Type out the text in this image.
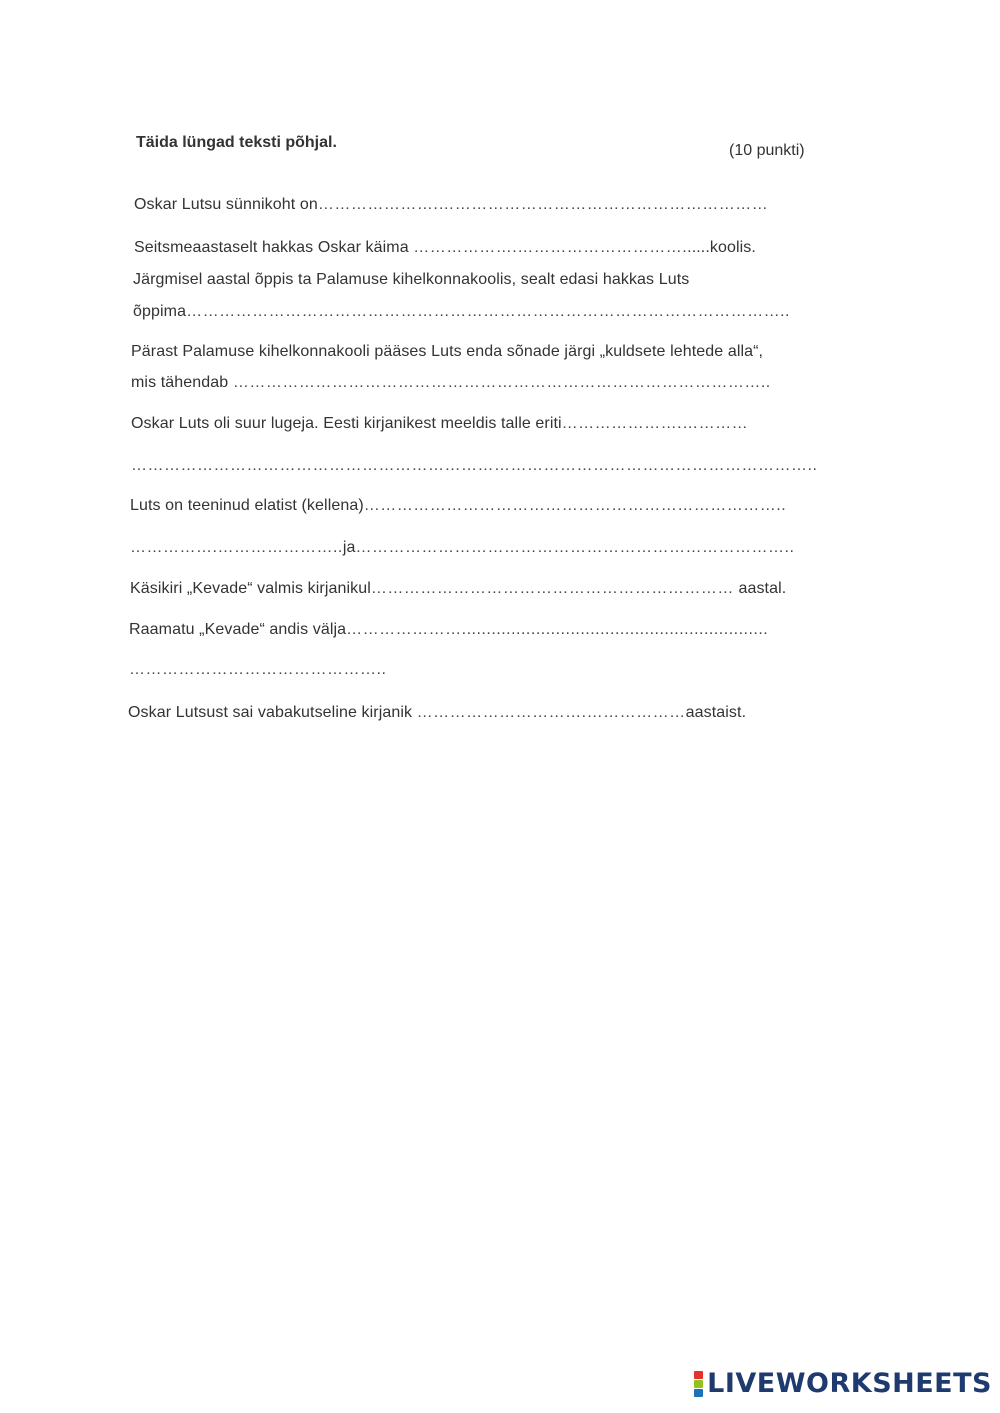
Täida lüngad teksti põhjal.	(10 punkti)
Oskar Lutsu sünnikoht on………………….……………………………………………………
Seitsmeaastaselt hakkas Oskar käima ……………….…………………………......koolis.
Järgmisel aastal õppis ta Palamuse kihelkonnakoolis, sealt edasi hakkas Luts
õppima………………………………………………………………………………………………..
Pärast Palamuse kihelkonnakooli pääses Luts enda sõnade järgi „kuldsete lehtede alla“,
mis tähendab ……………………………………………………………………………………..
Oskar Luts oli suur lugeja. Eesti kirjanikest meeldis talle eriti………………….…………
……………………………………………………………………………………………………………..
Luts on teeninud elatist (kellena)…………………………………………………………………..
…………….…………………..ja……………………………………………………………………..
Käsikiri „Kevade“ valmis kirjanikul………………………………………………………… aastal.
Raamatu „Kevade“ andis välja…………………..............................................................
………………………………………..
Oskar Lutsust sai vabakutseline kirjanik ………………………….………………aastaist.
LIVEWORKSHEETS
